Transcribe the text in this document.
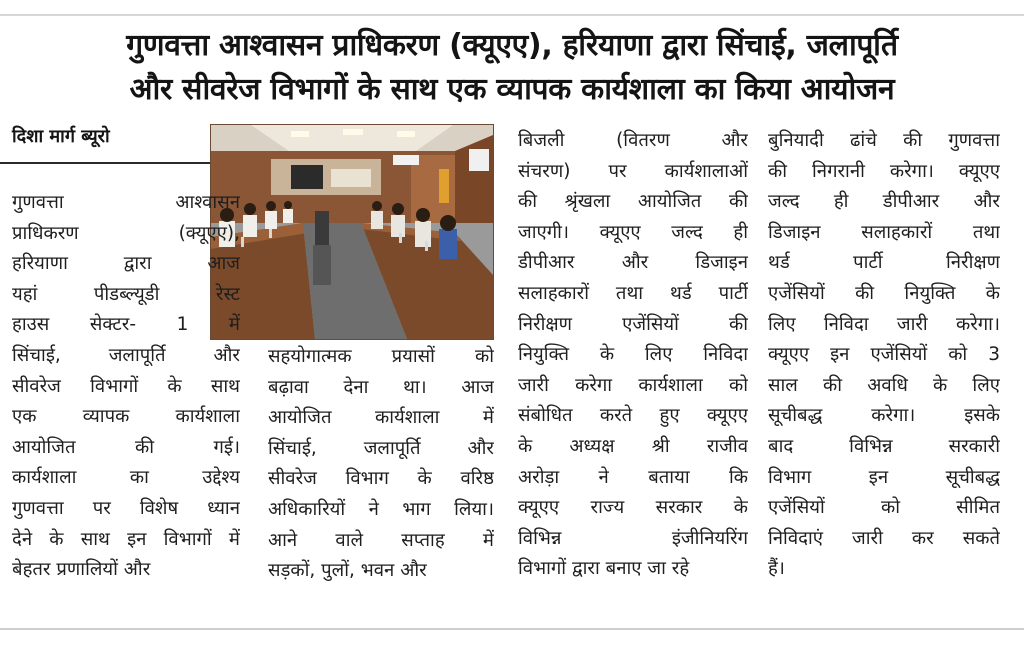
गुणवत्ता आश्वासन प्राधिकरण (क्यूएए), हरियाणा द्वारा सिंचाई, जलापूर्ति
और सीवरेज विभागों के साथ एक व्यापक कार्यशाला का किया आयोजन
दिशा मार्ग ब्यूरो
गुणवत्ता आश्वासन
प्राधिकरण (क्यूएए),
हरियाणा द्वारा आज
यहां पीडब्ल्यूडी रेस्ट
हाउस सेक्टर- 1 में
सिंचाई, जलापूर्ति और
सीवरेज विभागों के साथ
एक व्यापक कार्यशाला
आयोजित की गई।
कार्यशाला का उद्देश्य
गुणवत्ता पर विशेष ध्यान
देने के साथ इन विभागों में
बेहतर प्रणालियों और
सहयोगात्मक प्रयासों को
बढ़ावा देना था। आज
आयोजित कार्यशाला में
सिंचाई, जलापूर्ति और
सीवरेज विभाग के वरिष्ठ
अधिकारियों ने भाग लिया।
आने वाले सप्ताह में
सड़कों, पुलों, भवन और
बिजली (वितरण और
संचरण) पर कार्यशालाओं
की श्रृंखला आयोजित की
जाएगी। क्यूएए जल्द ही
डीपीआर और डिजाइन
सलाहकारों तथा थर्ड पार्टी
निरीक्षण एजेंसियों की
नियुक्ति के लिए निविदा
जारी करेगा कार्यशाला को
संबोधित करते हुए क्यूएए
के अध्यक्ष श्री राजीव
अरोड़ा ने बताया कि
क्यूएए राज्य सरकार के
विभिन्न इंजीनियरिंग
विभागों द्वारा बनाए जा रहे
बुनियादी ढांचे की गुणवत्ता
की निगरानी करेगा। क्यूएए
जल्द ही डीपीआर और
डिजाइन सलाहकारों तथा
थर्ड पार्टी निरीक्षण
एजेंसियों की नियुक्ति के
लिए निविदा जारी करेगा।
क्यूएए इन एजेंसियों को 3
साल की अवधि के लिए
सूचीबद्ध करेगा। इसके
बाद विभिन्न सरकारी
विभाग इन सूचीबद्ध
एजेंसियों को सीमित
निविदाएं जारी कर सकते
हैं।
